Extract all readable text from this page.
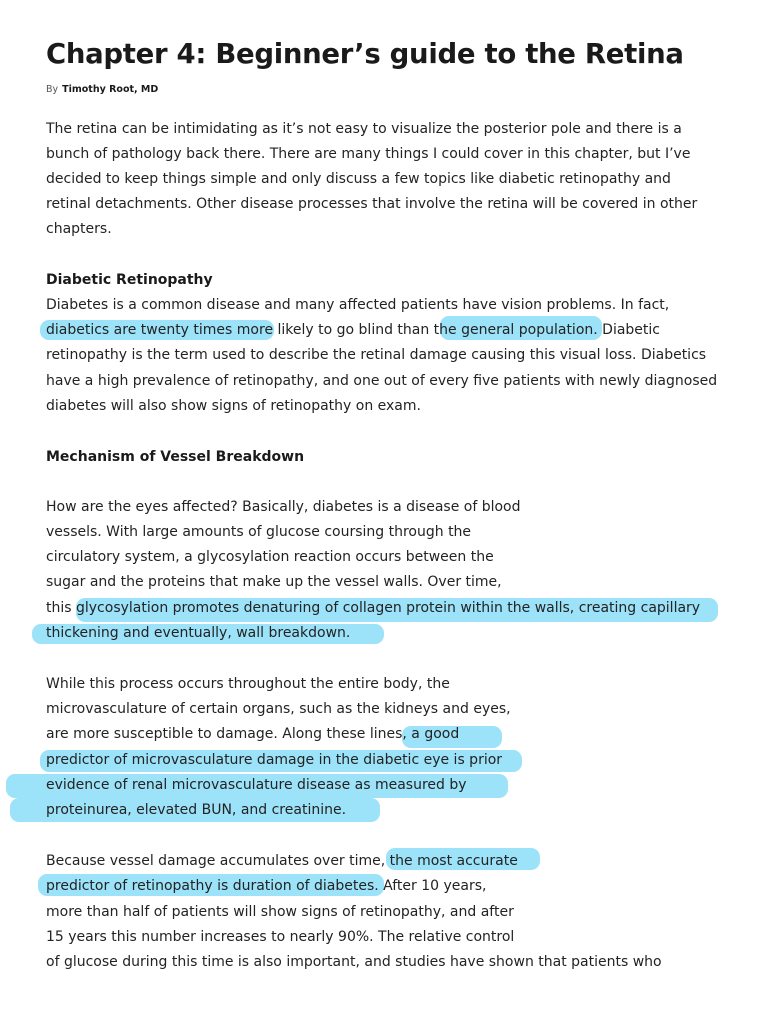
Chapter 4: Beginner’s guide to the Retina
By Timothy Root, MD
The retina can be intimidating as it’s not easy to visualize the posterior pole and there is a
bunch of pathology back there. There are many things I could cover in this chapter, but I’ve
decided to keep things simple and only discuss a few topics like diabetic retinopathy and
retinal detachments. Other disease processes that involve the retina will be covered in other
chapters.
Diabetic Retinopathy
Diabetes is a common disease and many affected patients have vision problems. In fact,
diabetics are twenty times more likely to go blind than the general population. Diabetic
retinopathy is the term used to describe the retinal damage causing this visual loss. Diabetics
have a high prevalence of retinopathy, and one out of every five patients with newly diagnosed
diabetes will also show signs of retinopathy on exam.
Mechanism of Vessel Breakdown
How are the eyes affected? Basically, diabetes is a disease of blood
vessels. With large amounts of glucose coursing through the
circulatory system, a glycosylation reaction occurs between the
sugar and the proteins that make up the vessel walls. Over time,
this glycosylation promotes denaturing of collagen protein within the walls, creating capillary
thickening and eventually, wall breakdown.
While this process occurs throughout the entire body, the
microvasculature of certain organs, such as the kidneys and eyes,
are more susceptible to damage. Along these lines, a good
predictor of microvasculature damage in the diabetic eye is prior
evidence of renal microvasculature disease as measured by
proteinurea, elevated BUN, and creatinine.
Because vessel damage accumulates over time, the most accurate
predictor of retinopathy is duration of diabetes. After 10 years,
more than half of patients will show signs of retinopathy, and after
15 years this number increases to nearly 90%. The relative control
of glucose during this time is also important, and studies have shown that patients who
